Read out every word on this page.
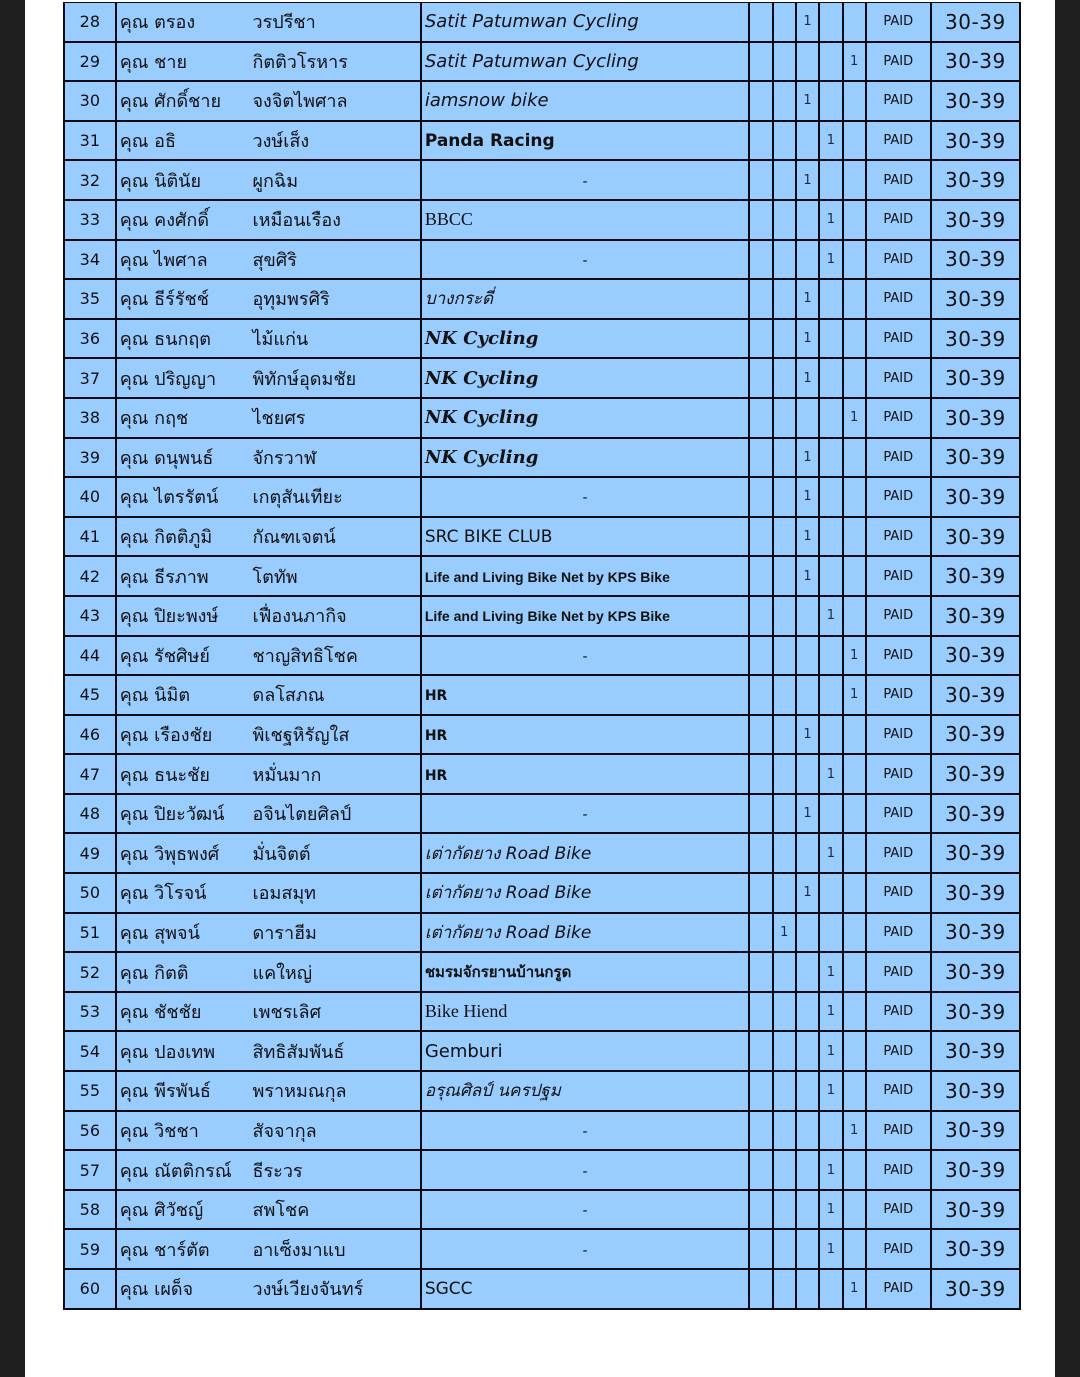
28	คุณ ตรอง	วรปรีชา	Satit Patumwan Cycling			1			PAID	30-39
29	คุณ ชาย	กิตติวโรหาร	Satit Patumwan Cycling					1	PAID	30-39
30	คุณ ศักดิ์ชาย	จงจิตไพศาล	iamsnow bike			1			PAID	30-39
31	คุณ อธิ	วงษ์เส็ง	Panda Racing				1		PAID	30-39
32	คุณ นิตินัย	ผูกฉิม	-			1			PAID	30-39
33	คุณ คงศักดิ์	เหมือนเรือง	BBCC				1		PAID	30-39
34	คุณ ไพศาล	สุขศิริ	-				1		PAID	30-39
35	คุณ ธีร์รัชช์	อุทุมพรศิริ	บางกระดี่			1			PAID	30-39
36	คุณ ธนกฤต	ไม้แก่น	NK Cycling			1			PAID	30-39
37	คุณ ปริญญา	พิทักษ์อุดมชัย	NK Cycling			1			PAID	30-39
38	คุณ กฤช	ไชยศร	NK Cycling					1	PAID	30-39
39	คุณ ดนุพนธ์	จักรวาฬ	NK Cycling			1			PAID	30-39
40	คุณ ไตรรัตน์	เกตุสันเทียะ	-			1			PAID	30-39
41	คุณ กิตติภูมิ	กัณฑเจตน์	SRC BIKE CLUB			1			PAID	30-39
42	คุณ ธีรภาพ	โตทัพ	Life and Living Bike Net by KPS Bike			1			PAID	30-39
43	คุณ ปิยะพงษ์	เฟื่องนภากิจ	Life and Living Bike Net by KPS Bike				1		PAID	30-39
44	คุณ รัชศิษย์	ชาญสิทธิโชค	-					1	PAID	30-39
45	คุณ นิมิต	ดลโสภณ	HR					1	PAID	30-39
46	คุณ เรืองชัย	พิเชฐหิรัญใส	HR			1			PAID	30-39
47	คุณ ธนะชัย	หมั่นมาก	HR				1		PAID	30-39
48	คุณ ปิยะวัฒน์	อจินไตยศิลป์	-			1			PAID	30-39
49	คุณ วิพุธพงศ์	มั่นจิตต์	เต่ากัดยาง Road Bike				1		PAID	30-39
50	คุณ วิโรจน์	เอมสมุท	เต่ากัดยาง Road Bike			1			PAID	30-39
51	คุณ สุพจน์	ดาราฮีม	เต่ากัดยาง Road Bike		1				PAID	30-39
52	คุณ กิตติ	แคใหญ่	ชมรมจักรยานบ้านกรูด				1		PAID	30-39
53	คุณ ชัชชัย	เพชรเลิศ	Bike Hiend				1		PAID	30-39
54	คุณ ปองเทพ	สิทธิสัมพันธ์	Gemburi				1		PAID	30-39
55	คุณ พีรพันธ์	พราหมณกุล	อรุณศิลป์ นครปฐม				1		PAID	30-39
56	คุณ วิชชา	สัจจากุล	-					1	PAID	30-39
57	คุณ ณัตติกรณ์	ธีระวร	-				1		PAID	30-39
58	คุณ ศิวัชญ์	สพโชค	-				1		PAID	30-39
59	คุณ ชาร์ตัต	อาเซ็งมาแบ	-				1		PAID	30-39
60	คุณ เผด็จ	วงษ์เวียงจันทร์	SGCC					1	PAID	30-39
